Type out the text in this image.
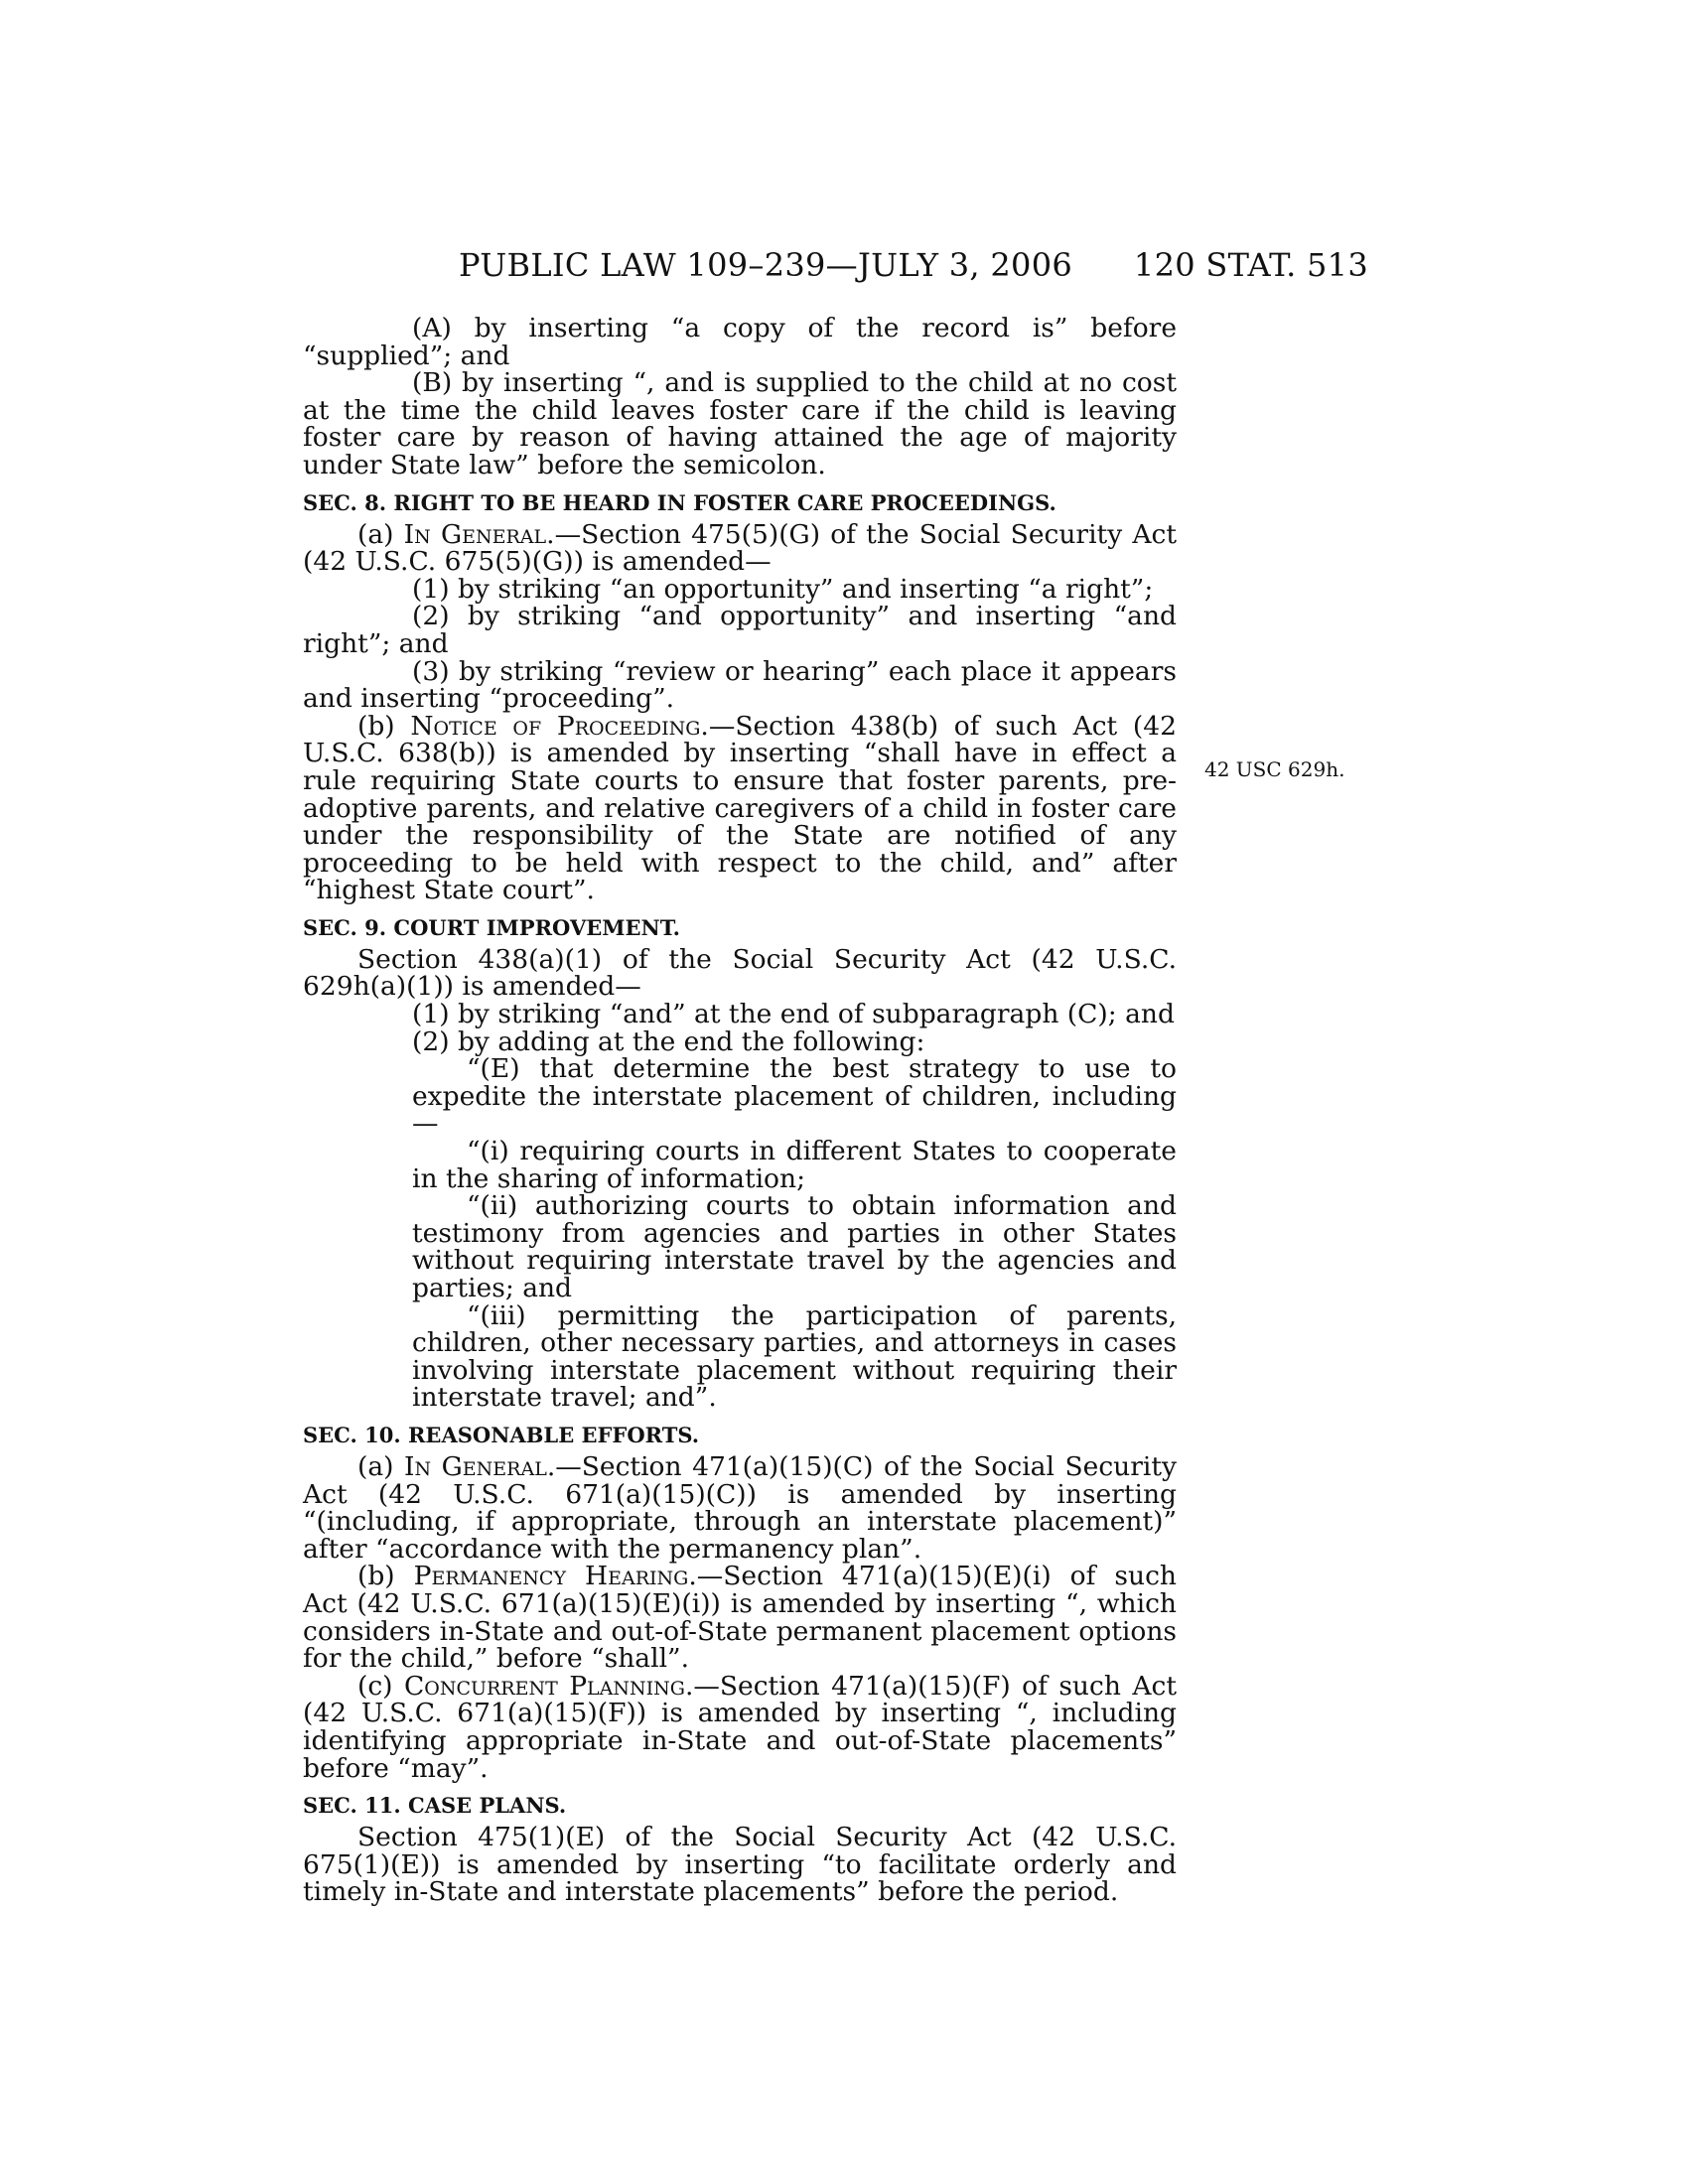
PUBLIC LAW 109–239—JULY 3, 2006 120 STAT. 513
42 USC 629h.

(A) by inserting “a copy of the record is” before “supplied”; and

(B) by inserting “, and is supplied to the child at no cost at the time the child leaves foster care if the child is leaving foster care by reason of having attained the age of majority under State law” before the semicolon.

SEC. 8. RIGHT TO BE HEARD IN FOSTER CARE PROCEEDINGS.

(a) In General.—Section 475(5)(G) of the Social Security Act (42 U.S.C. 675(5)(G)) is amended—

(1) by striking “an opportunity” and inserting “a right”;

(2) by striking “and opportunity” and inserting “and right”; and

(3) by striking “review or hearing” each place it appears and inserting “proceeding”.

(b) Notice of Proceeding.—Section 438(b) of such Act (42 U.S.C. 638(b)) is amended by inserting “shall have in effect a rule requiring State courts to ensure that foster parents, pre-adoptive parents, and relative caregivers of a child in foster care under the responsibility of the State are notified of any proceeding to be held with respect to the child, and” after “highest State court”.

SEC. 9. COURT IMPROVEMENT.

Section 438(a)(1) of the Social Security Act (42 U.S.C. 629h(a)(1)) is amended—

(1) by striking “and” at the end of subparagraph (C); and

(2) by adding at the end the following:

“(E) that determine the best strategy to use to expedite the interstate placement of children, including—

“(i) requiring courts in different States to cooperate in the sharing of information;

“(ii) authorizing courts to obtain information and testimony from agencies and parties in other States without requiring interstate travel by the agencies and parties; and

“(iii) permitting the participation of parents, children, other necessary parties, and attorneys in cases involving interstate placement without requiring their interstate travel; and”.

SEC. 10. REASONABLE EFFORTS.

(a) In General.—Section 471(a)(15)(C) of the Social Security Act (42 U.S.C. 671(a)(15)(C)) is amended by inserting “(including, if appropriate, through an interstate placement)” after “accordance with the permanency plan”.

(b) Permanency Hearing.—Section 471(a)(15)(E)(i) of such Act (42 U.S.C. 671(a)(15)(E)(i)) is amended by inserting “, which considers in-State and out-of-State permanent placement options for the child,” before “shall”.

(c) Concurrent Planning.—Section 471(a)(15)(F) of such Act (42 U.S.C. 671(a)(15)(F)) is amended by inserting “, including identifying appropriate in-State and out-of-State placements” before “may”.

SEC. 11. CASE PLANS.

Section 475(1)(E) of the Social Security Act (42 U.S.C. 675(1)(E)) is amended by inserting “to facilitate orderly and timely in-State and interstate placements” before the period.
